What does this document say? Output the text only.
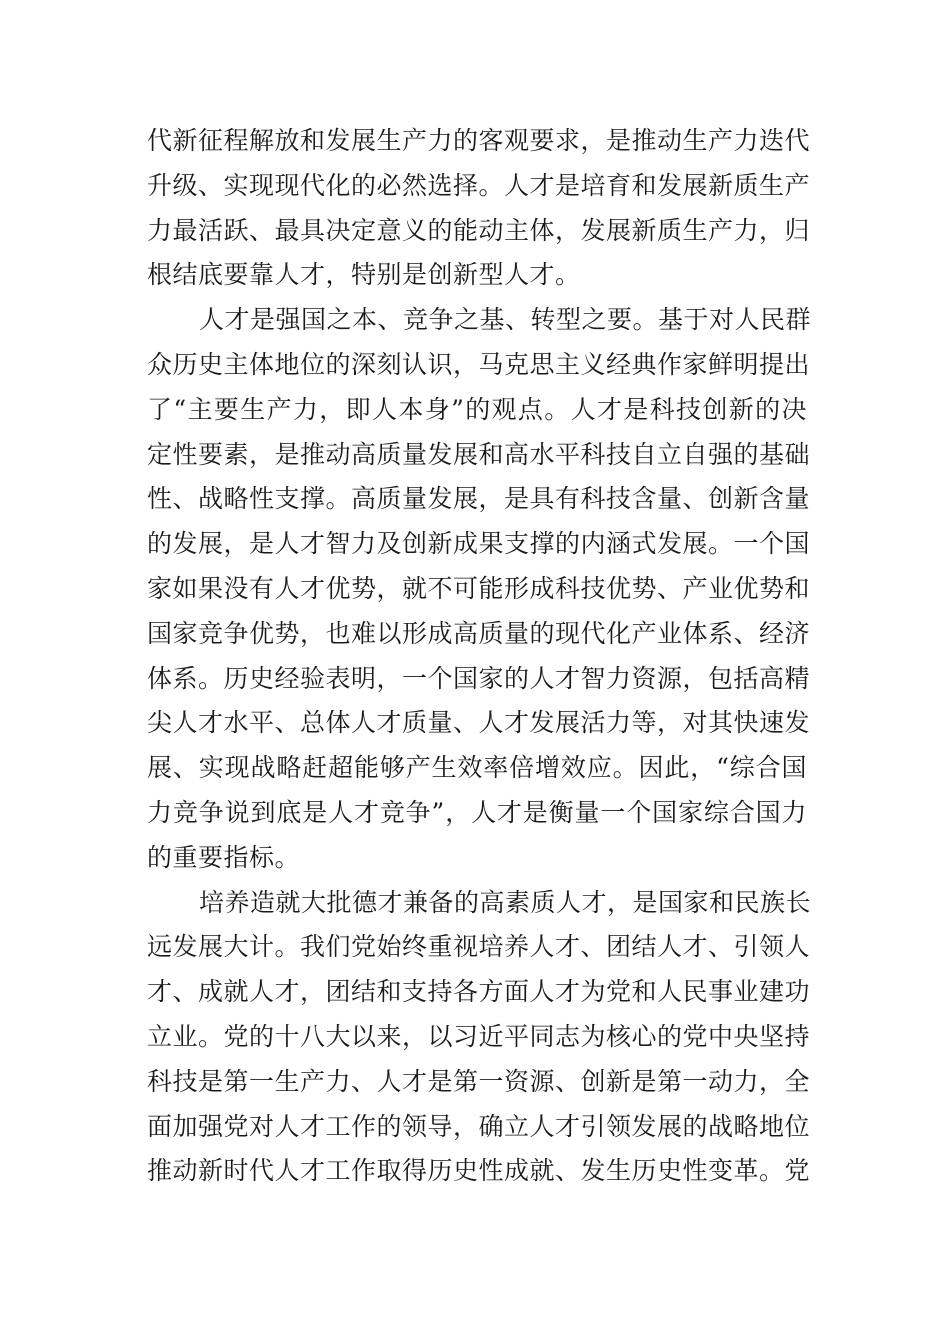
代新征程解放和发展生产力的客观要求，是推动生产力迭代
升级、实现现代化的必然选择。人才是培育和发展新质生产
力最活跃、最具决定意义的能动主体，发展新质生产力，归
根结底要靠人才，特别是创新型人才。
人才是强国之本、竞争之基、转型之要。基于对人民群
众历史主体地位的深刻认识，马克思主义经典作家鲜明提出
了“主要生产力，即人本身”的观点。人才是科技创新的决
定性要素，是推动高质量发展和高水平科技自立自强的基础
性、战略性支撑。高质量发展，是具有科技含量、创新含量
的发展，是人才智力及创新成果支撑的内涵式发展。一个国
家如果没有人才优势，就不可能形成科技优势、产业优势和
国家竞争优势，也难以形成高质量的现代化产业体系、经济
体系。历史经验表明，一个国家的人才智力资源，包括高精
尖人才水平、总体人才质量、人才发展活力等，对其快速发
展、实现战略赶超能够产生效率倍增效应。因此，“综合国
力竞争说到底是人才竞争”，人才是衡量一个国家综合国力
的重要指标。
培养造就大批德才兼备的高素质人才，是国家和民族长
远发展大计。我们党始终重视培养人才、团结人才、引领人
才、成就人才，团结和支持各方面人才为党和人民事业建功
立业。党的十八大以来，以习近平同志为核心的党中央坚持
科技是第一生产力、人才是第一资源、创新是第一动力，全
面加强党对人才工作的领导，确立人才引领发展的战略地位
推动新时代人才工作取得历史性成就、发生历史性变革。党
